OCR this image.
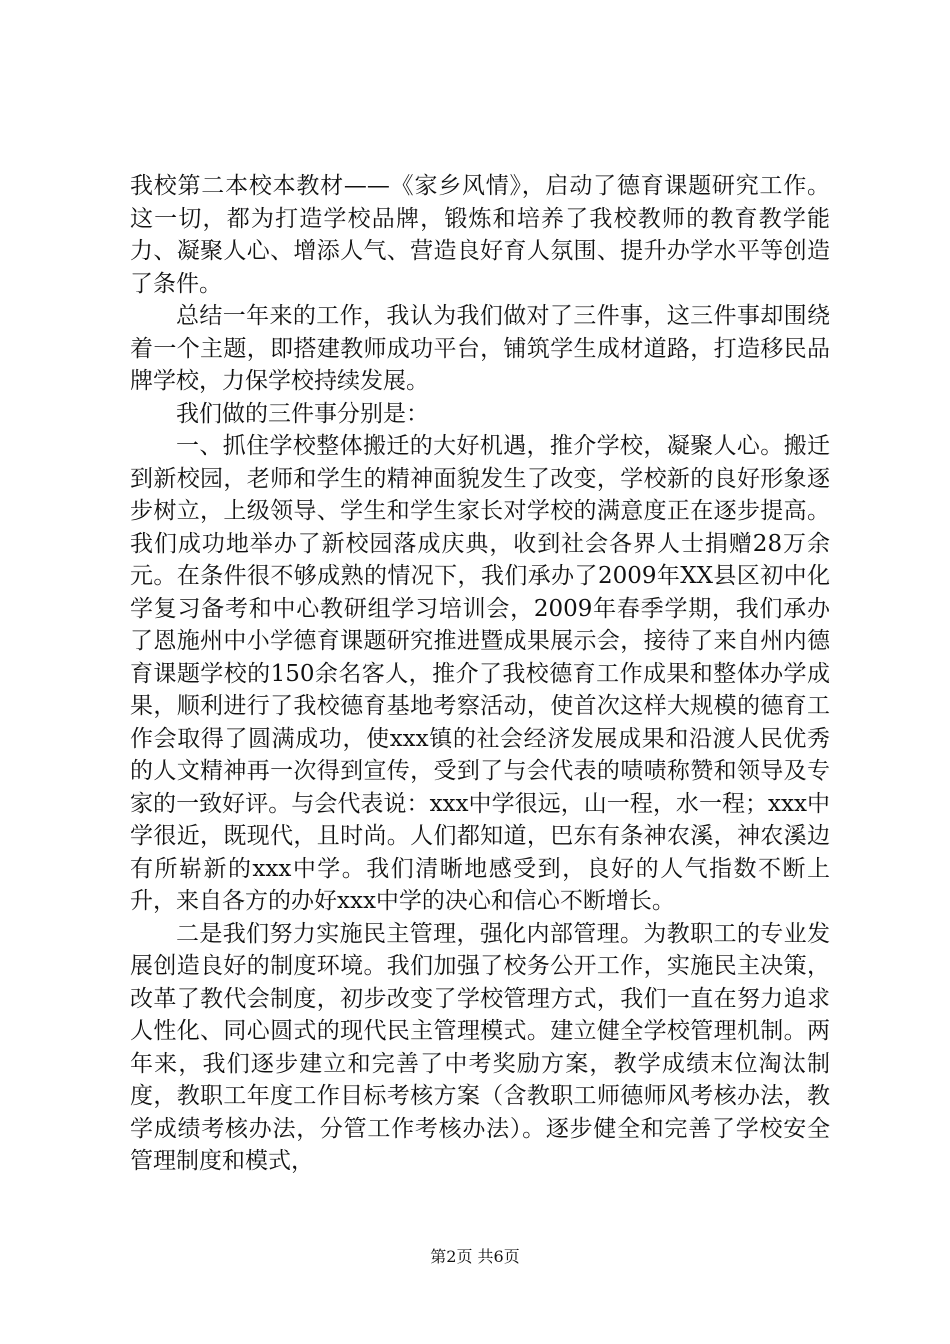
我校第二本校本教材——《家乡风情》，启动了德育课题研究工作。这一切，都为打造学校品牌，锻炼和培养了我校教师的教育教学能力、凝聚人心、增添人气、营造良好育人氛围、提升办学水平等创造了条件。

总结一年来的工作，我认为我们做对了三件事，这三件事却围绕着一个主题，即搭建教师成功平台，铺筑学生成材道路，打造移民品牌学校，力保学校持续发展。

我们做的三件事分别是：

一、抓住学校整体搬迁的大好机遇，推介学校，凝聚人心。搬迁到新校园，老师和学生的精神面貌发生了改变，学校新的良好形象逐步树立，上级领导、学生和学生家长对学校的满意度正在逐步提高。我们成功地举办了新校园落成庆典，收到社会各界人士捐赠28万余元。在条件很不够成熟的情况下，我们承办了2009年XX县区初中化学复习备考和中心教研组学习培训会，2009年春季学期，我们承办了恩施州中小学德育课题研究推进暨成果展示会，接待了来自州内德育课题学校的150余名客人，推介了我校德育工作成果和整体办学成果，顺利进行了我校德育基地考察活动，使首次这样大规模的德育工作会取得了圆满成功，使xxx镇的社会经济发展成果和沿渡人民优秀的人文精神再一次得到宣传，受到了与会代表的啧啧称赞和领导及专家的一致好评。与会代表说：xxx中学很远，山一程，水一程；xxx中学很近，既现代，且时尚。人们都知道，巴东有条神农溪，神农溪边有所崭新的xxx中学。我们清晰地感受到，良好的人气指数不断上升，来自各方的办好xxx中学的决心和信心不断增长。

二是我们努力实施民主管理，强化内部管理。为教职工的专业发展创造良好的制度环境。我们加强了校务公开工作，实施民主决策，改革了教代会制度，初步改变了学校管理方式，我们一直在努力追求人性化、同心圆式的现代民主管理模式。建立健全学校管理机制。两年来，我们逐步建立和完善了中考奖励方案，教学成绩末位淘汰制度，教职工年度工作目标考核方案（含教职工师德师风考核办法，教学成绩考核办法，分管工作考核办法）。逐步健全和完善了学校安全管理制度和模式，

第2页 共6页
